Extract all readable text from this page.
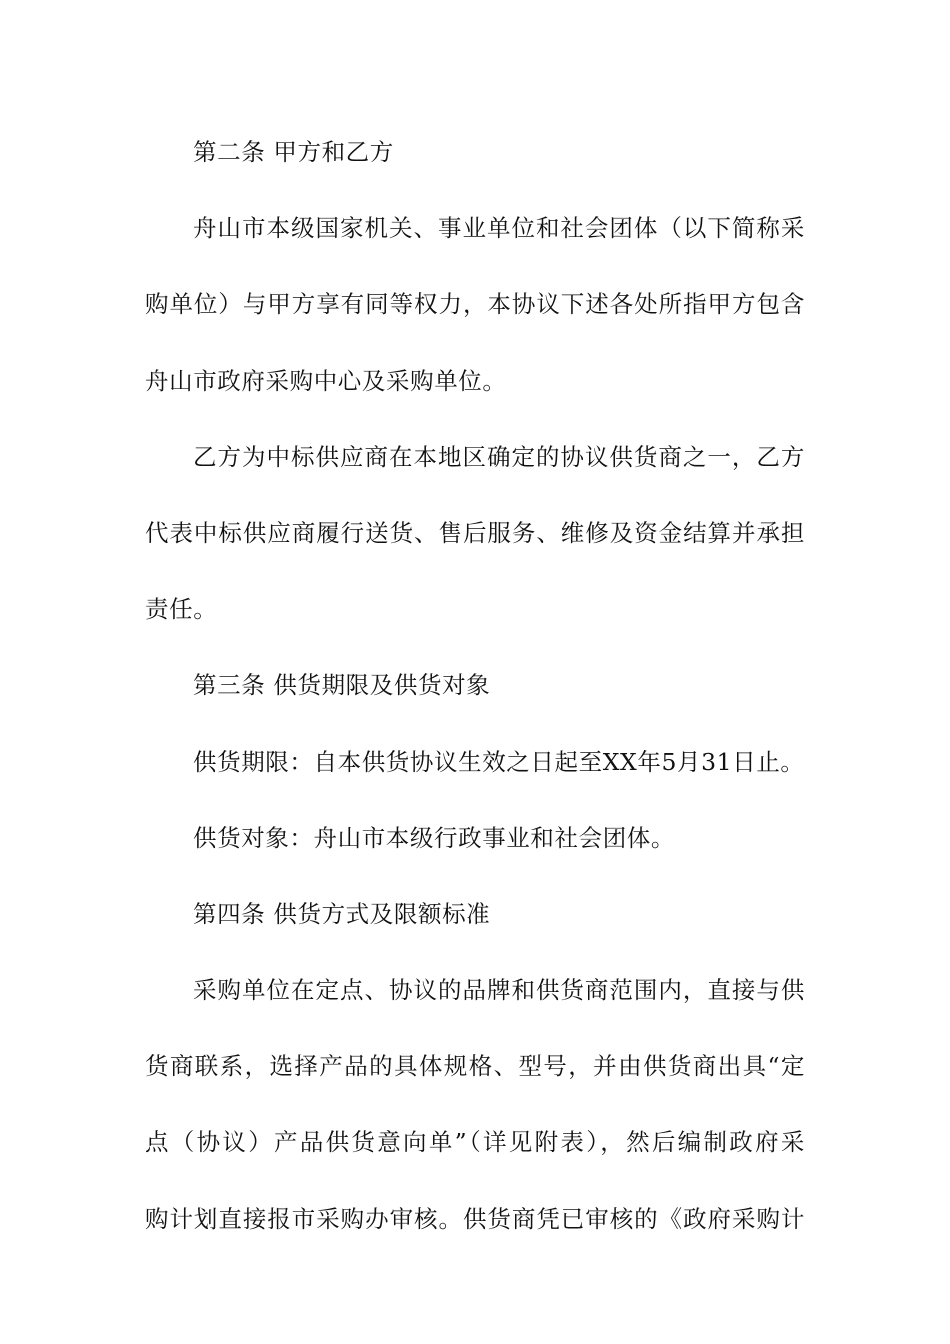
第二条 甲方和乙方
舟山市本级国家机关、事业单位和社会团体（以下简称采
购单位）与甲方享有同等权力，本协议下述各处所指甲方包含
舟山市政府采购中心及采购单位。
乙方为中标供应商在本地区确定的协议供货商之一，乙方
代表中标供应商履行送货、售后服务、维修及资金结算并承担
责任。
第三条 供货期限及供货对象
供货期限：自本供货协议生效之日起至XX年5月31日止。
供货对象：舟山市本级行政事业和社会团体。
第四条 供货方式及限额标准
采购单位在定点、协议的品牌和供货商范围内，直接与供
货商联系，选择产品的具体规格、型号，并由供货商出具“定
点（协议）产品供货意向单”（详见附表），然后编制政府采
购计划直接报市采购办审核。供货商凭已审核的《政府采购计
